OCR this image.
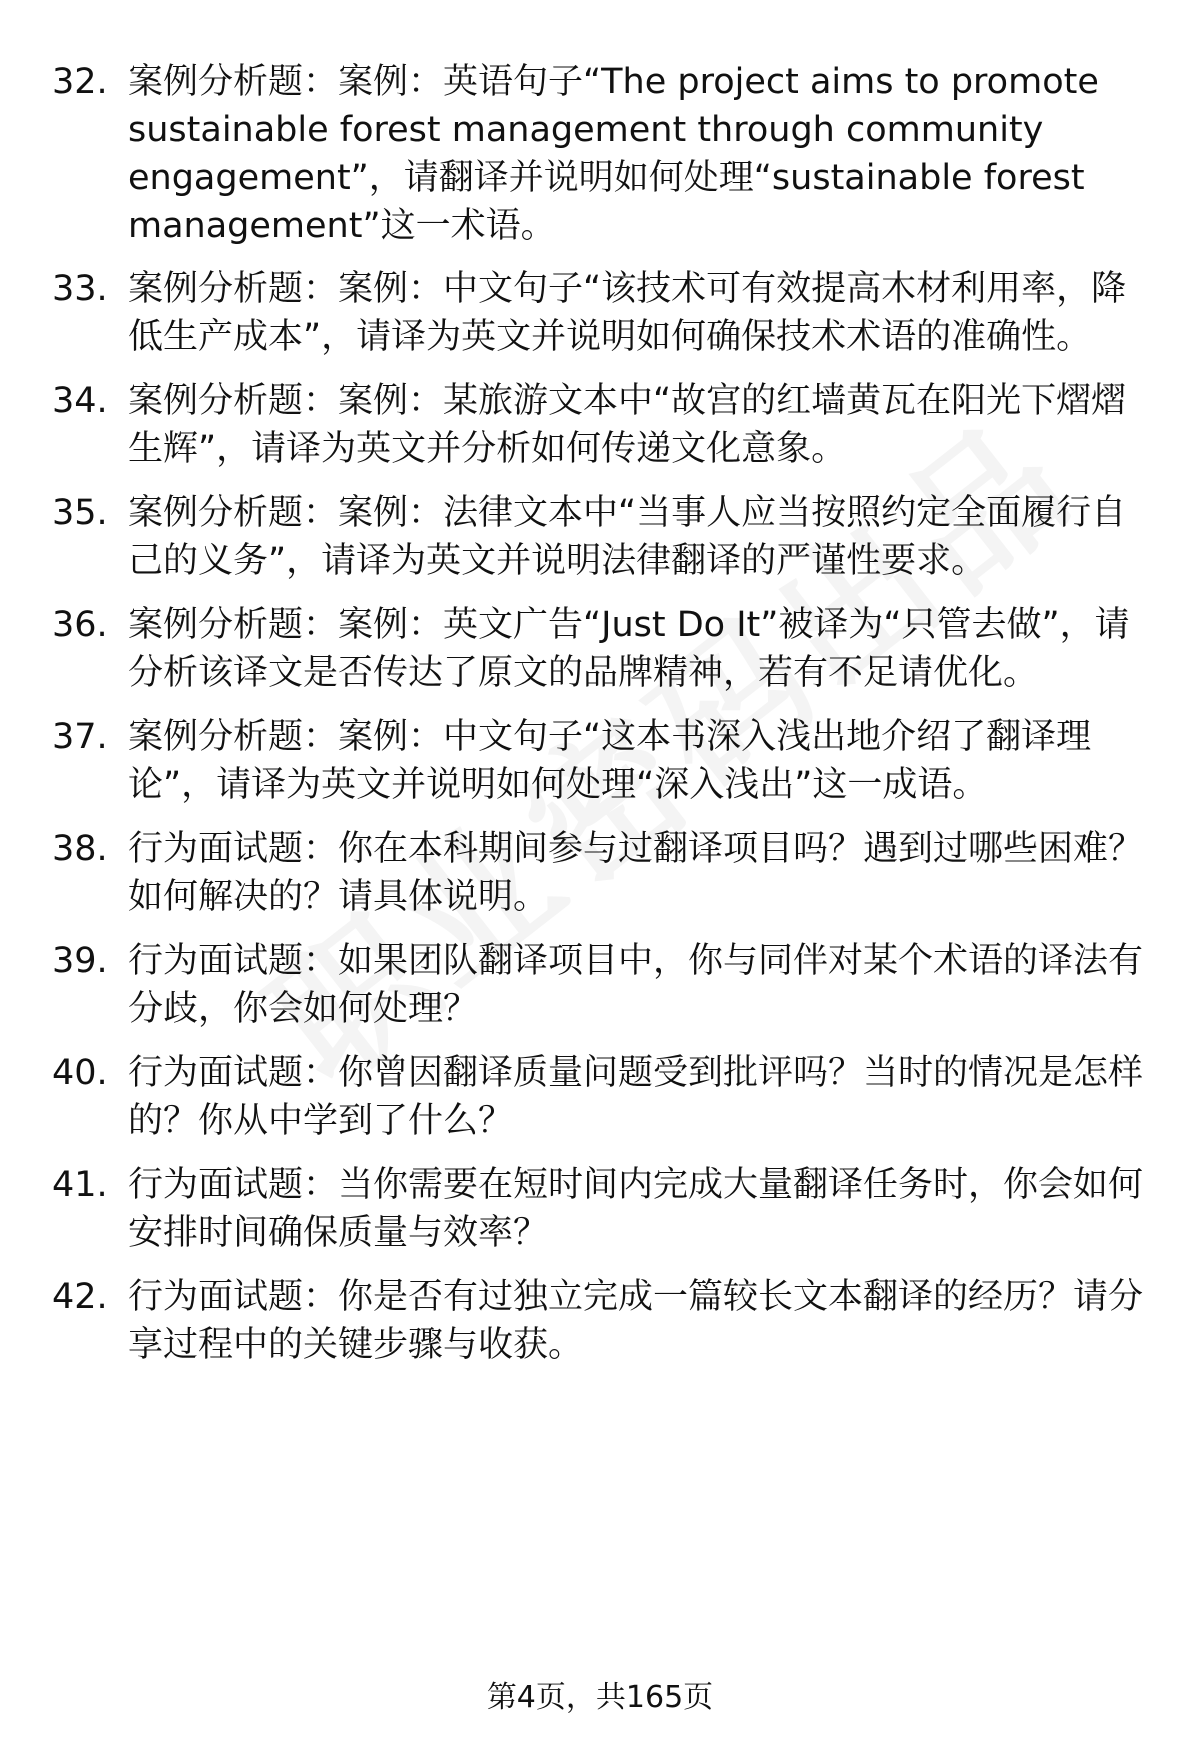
32. 案例分析题：案例：英语句子“The project aims to promote sustainable forest management through community engagement”，请翻译并说明如何处理“sustainable forest management”这一术语。
33. 案例分析题：案例：中文句子“该技术可有效提高木材利用率，降低生产成本”，请译为英文并说明如何确保技术术语的准确性。
34. 案例分析题：案例：某旅游文本中“故宫的红墙黄瓦在阳光下熠熠生辉”，请译为英文并分析如何传递文化意象。
35. 案例分析题：案例：法律文本中“当事人应当按照约定全面履行自己的义务”，请译为英文并说明法律翻译的严谨性要求。
36. 案例分析题：案例：英文广告“Just Do It”被译为“只管去做”，请分析该译文是否传达了原文的品牌精神，若有不足请优化。
37. 案例分析题：案例：中文句子“这本书深入浅出地介绍了翻译理论”，请译为英文并说明如何处理“深入浅出”这一成语。
38. 行为面试题：你在本科期间参与过翻译项目吗？遇到过哪些困难？如何解决的？请具体说明。
39. 行为面试题：如果团队翻译项目中，你与同伴对某个术语的译法有分歧，你会如何处理？
40. 行为面试题：你曾因翻译质量问题受到批评吗？当时的情况是怎样的？你从中学到了什么？
41. 行为面试题：当你需要在短时间内完成大量翻译任务时，你会如何安排时间确保质量与效率？
42. 行为面试题：你是否有过独立完成一篇较长文本翻译的经历？请分享过程中的关键步骤与收获。
第4页，共165页
